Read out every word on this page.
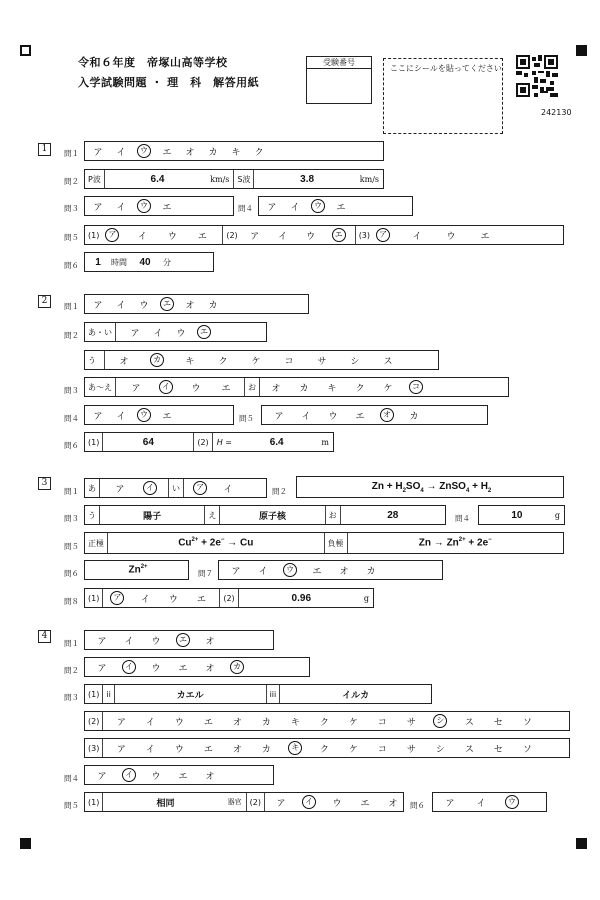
令和６年度　帝塚山高等学校
入学試験問題 ・ 理　科　解答用紙
受験番号
ここにシールを貼ってください
242130
1	問１	ア	イ	ウ	エ	オ	カ	キ	ク
問２	P波	6.4	km/s	S波	3.8	km/s
問３	ア	イ	ウ	エ	問４	ア	イ	ウ	エ
問５	(1)	ア	イ	ウ	エ	(2)	ア	イ	ウ	エ	(3)	ア	イ	ウ	エ
問６	1	時間	40	分
2
問１	ア	イ	ウ	エ	オ	カ
問２	あ・い	ア	イ	ウ	エ
う	オ	カ	キ	ク	ケ	コ	サ	シ	ス
問３	あ～え	ア	イ	ウ	エ	お	オ	カ	キ	ク	ケ	コ
問４	ア	イ	ウ	エ	問５	ア	イ	ウ	エ	オ	カ
問６	(1)	64	(2)	H =	6.4	m
3
問１	あ	ア	イ	い	ア	イ	問２	$Zn + H_2SO_4$ → ZnSO$_4$ + $H_2$
問３	う	陽子	え	原子核	お	28	問４	10	g
問５	正極	$Cu^{2+} + 2e^- \to Cu$	負極	$Zn \to Zn^{2+} + 2e^-$
問６	$Zn^{2+}$
問７	ア	イ	ウ	エ	オ	カ
問８	(1)	ア	イ	ウ	エ	(2)	0.96	g
4
問１	ア	イ	ウ	エ	オ
問２	ア	イ	ウ	エ	オ	カ
問３	(1) ii	カエル	iii	イルカ
(2)	ア	イ	ウ	エ	オ	カ	キ	ク	ケ	コ	サ	シ	ス	セ	ソ
(3)	ア	イ	ウ	エ	オ	カ	キ	ク	ケ	コ	サ	シ	ス	セ	ソ
問４	ア	イ	ウ	エ	オ
問５	(1)	相同	器官	(2)	ア	イ	ウ	エ	オ	問６	ア	イ	ウ
